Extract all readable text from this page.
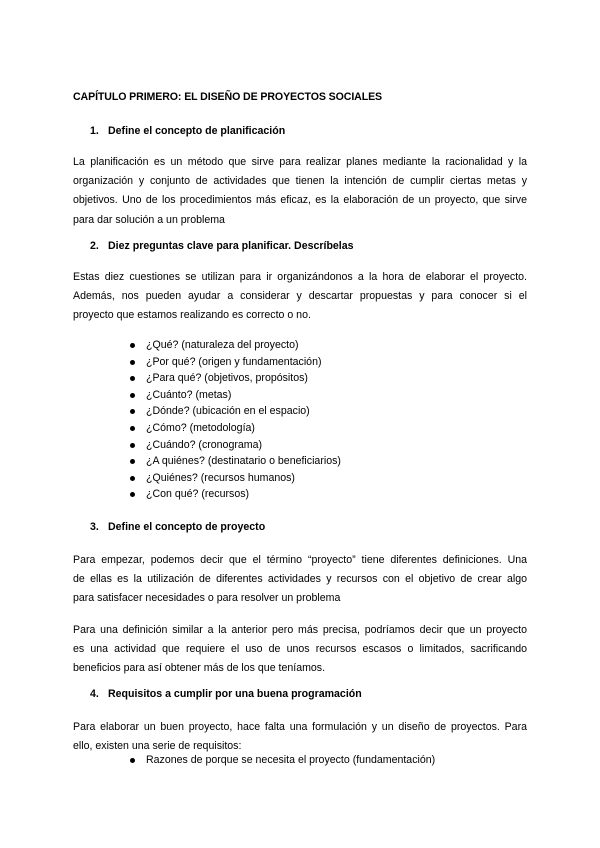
CAPÍTULO PRIMERO: EL DISEÑO DE PROYECTOS SOCIALES
1. Define el concepto de planificación
La planificación es un método que sirve para realizar planes mediante la racionalidad y la
organización y conjunto de actividades que tienen la intención de cumplir ciertas metas y
objetivos. Uno de los procedimientos más eficaz, es la elaboración de un proyecto, que sirve
para dar solución a un problema
2. Diez preguntas clave para planificar. Descríbelas
Estas diez cuestiones se utilizan para ir organizándonos a la hora de elaborar el proyecto.
Además, nos pueden ayudar a considerar y descartar propuestas y para conocer si el
proyecto que estamos realizando es correcto o no.
¿Qué? (naturaleza del proyecto)
¿Por qué? (origen y fundamentación)
¿Para qué? (objetivos, propósitos)
¿Cuánto? (metas)
¿Dónde? (ubicación en el espacio)
¿Cómo? (metodología)
¿Cuándo? (cronograma)
¿A quiénes? (destinatario o beneficiarios)
¿Quiénes? (recursos humanos)
¿Con qué? (recursos)
3. Define el concepto de proyecto
Para empezar, podemos decir que el término “proyecto” tiene diferentes definiciones. Una
de ellas es la utilización de diferentes actividades y recursos con el objetivo de crear algo
para satisfacer necesidades o para resolver un problema
Para una definición similar a la anterior pero más precisa, podríamos decir que un proyecto
es una actividad que requiere el uso de unos recursos escasos o limitados, sacrificando
beneficios para así obtener más de los que teníamos.
4. Requisitos a cumplir por una buena programación
Para elaborar un buen proyecto, hace falta una formulación y un diseño de proyectos. Para
ello, existen una serie de requisitos:
Razones de porque se necesita el proyecto (fundamentación)
